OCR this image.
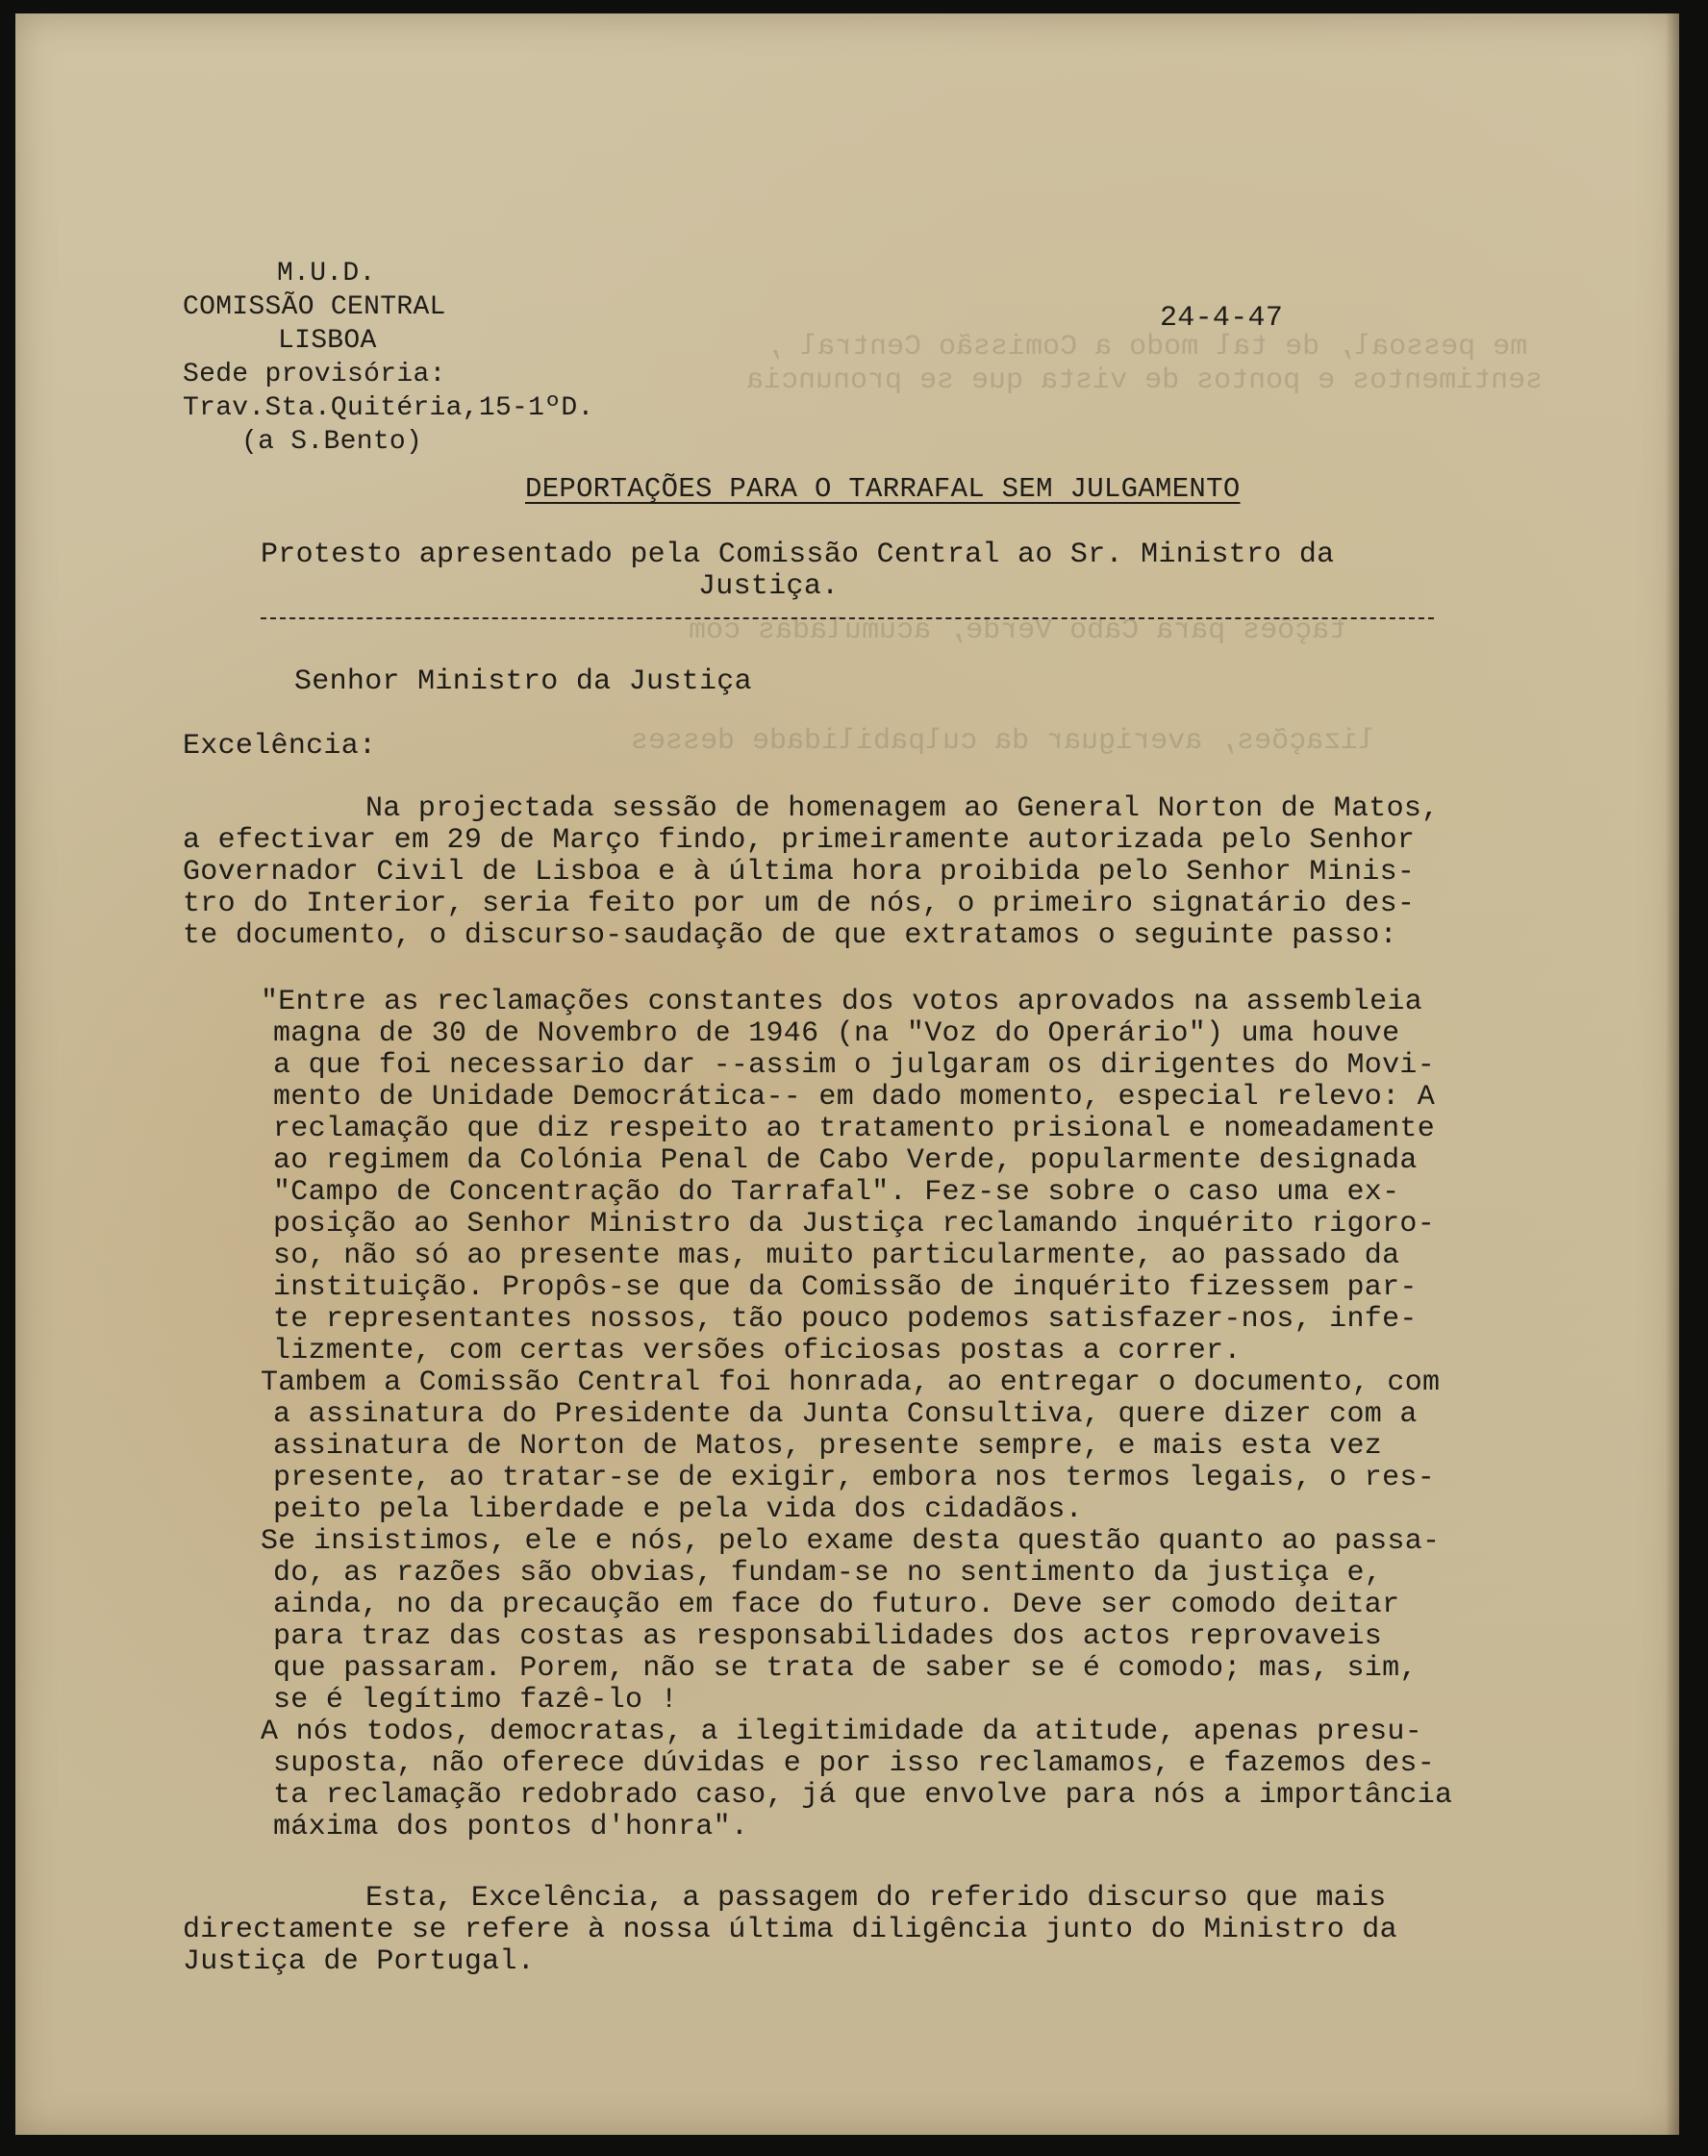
me pessoal, de tal modo a Comissão Central ,
sentimentos e pontos de vista que se pronuncia
tações para Cabo Verde, acumuladas com
lizações, averiguar da culpabilidade desses
M.U.D.
COMISSÃO CENTRAL
LISBOA
Sede provisória:
Trav.Sta.Quitéria,15-1ºD.
(a S.Bento)
24-4-47
DEPORTAÇÕES PARA O TARRAFAL SEM JULGAMENTO
Protesto apresentado pela Comissão Central ao Sr. Ministro da
Justiça.
Senhor Ministro da Justiça
Excelência:
Na projectada sessão de homenagem ao General Norton de Matos,
a efectivar em 29 de Março findo, primeiramente autorizada pelo Senhor
Governador Civil de Lisboa e à última hora proibida pelo Senhor Minis-
tro do Interior, seria feito por um de nós, o primeiro signatário des-
te documento, o discurso-saudação de que extratamos o seguinte passo:
"Entre as reclamações constantes dos votos aprovados na assembleia
magna de 30 de Novembro de 1946 (na "Voz do Operário") uma houve
a que foi necessario dar --assim o julgaram os dirigentes do Movi-
mento de Unidade Democrática-- em dado momento, especial relevo: A
reclamação que diz respeito ao tratamento prisional e nomeadamente
ao regimem da Colónia Penal de Cabo Verde, popularmente designada
"Campo de Concentração do Tarrafal". Fez-se sobre o caso uma ex-
posição ao Senhor Ministro da Justiça reclamando inquérito rigoro-
so, não só ao presente mas, muito particularmente, ao passado da
instituição. Propôs-se que da Comissão de inquérito fizessem par-
te representantes nossos, tão pouco podemos satisfazer-nos, infe-
lizmente, com certas versões oficiosas postas a correr.
Tambem a Comissão Central foi honrada, ao entregar o documento, com
a assinatura do Presidente da Junta Consultiva, quere dizer com a
assinatura de Norton de Matos, presente sempre, e mais esta vez
presente, ao tratar-se de exigir, embora nos termos legais, o res-
peito pela liberdade e pela vida dos cidadãos.
Se insistimos, ele e nós, pelo exame desta questão quanto ao passa-
do, as razões são obvias, fundam-se no sentimento da justiça e,
ainda, no da precaução em face do futuro. Deve ser comodo deitar
para traz das costas as responsabilidades dos actos reprovaveis
que passaram. Porem, não se trata de saber se é comodo; mas, sim,
se é legítimo fazê-lo !
A nós todos, democratas, a ilegitimidade da atitude, apenas presu-
suposta, não oferece dúvidas e por isso reclamamos, e fazemos des-
ta reclamação redobrado caso, já que envolve para nós a importância
máxima dos pontos d'honra".
Esta, Excelência, a passagem do referido discurso que mais
directamente se refere à nossa última diligência junto do Ministro da
Justiça de Portugal.
